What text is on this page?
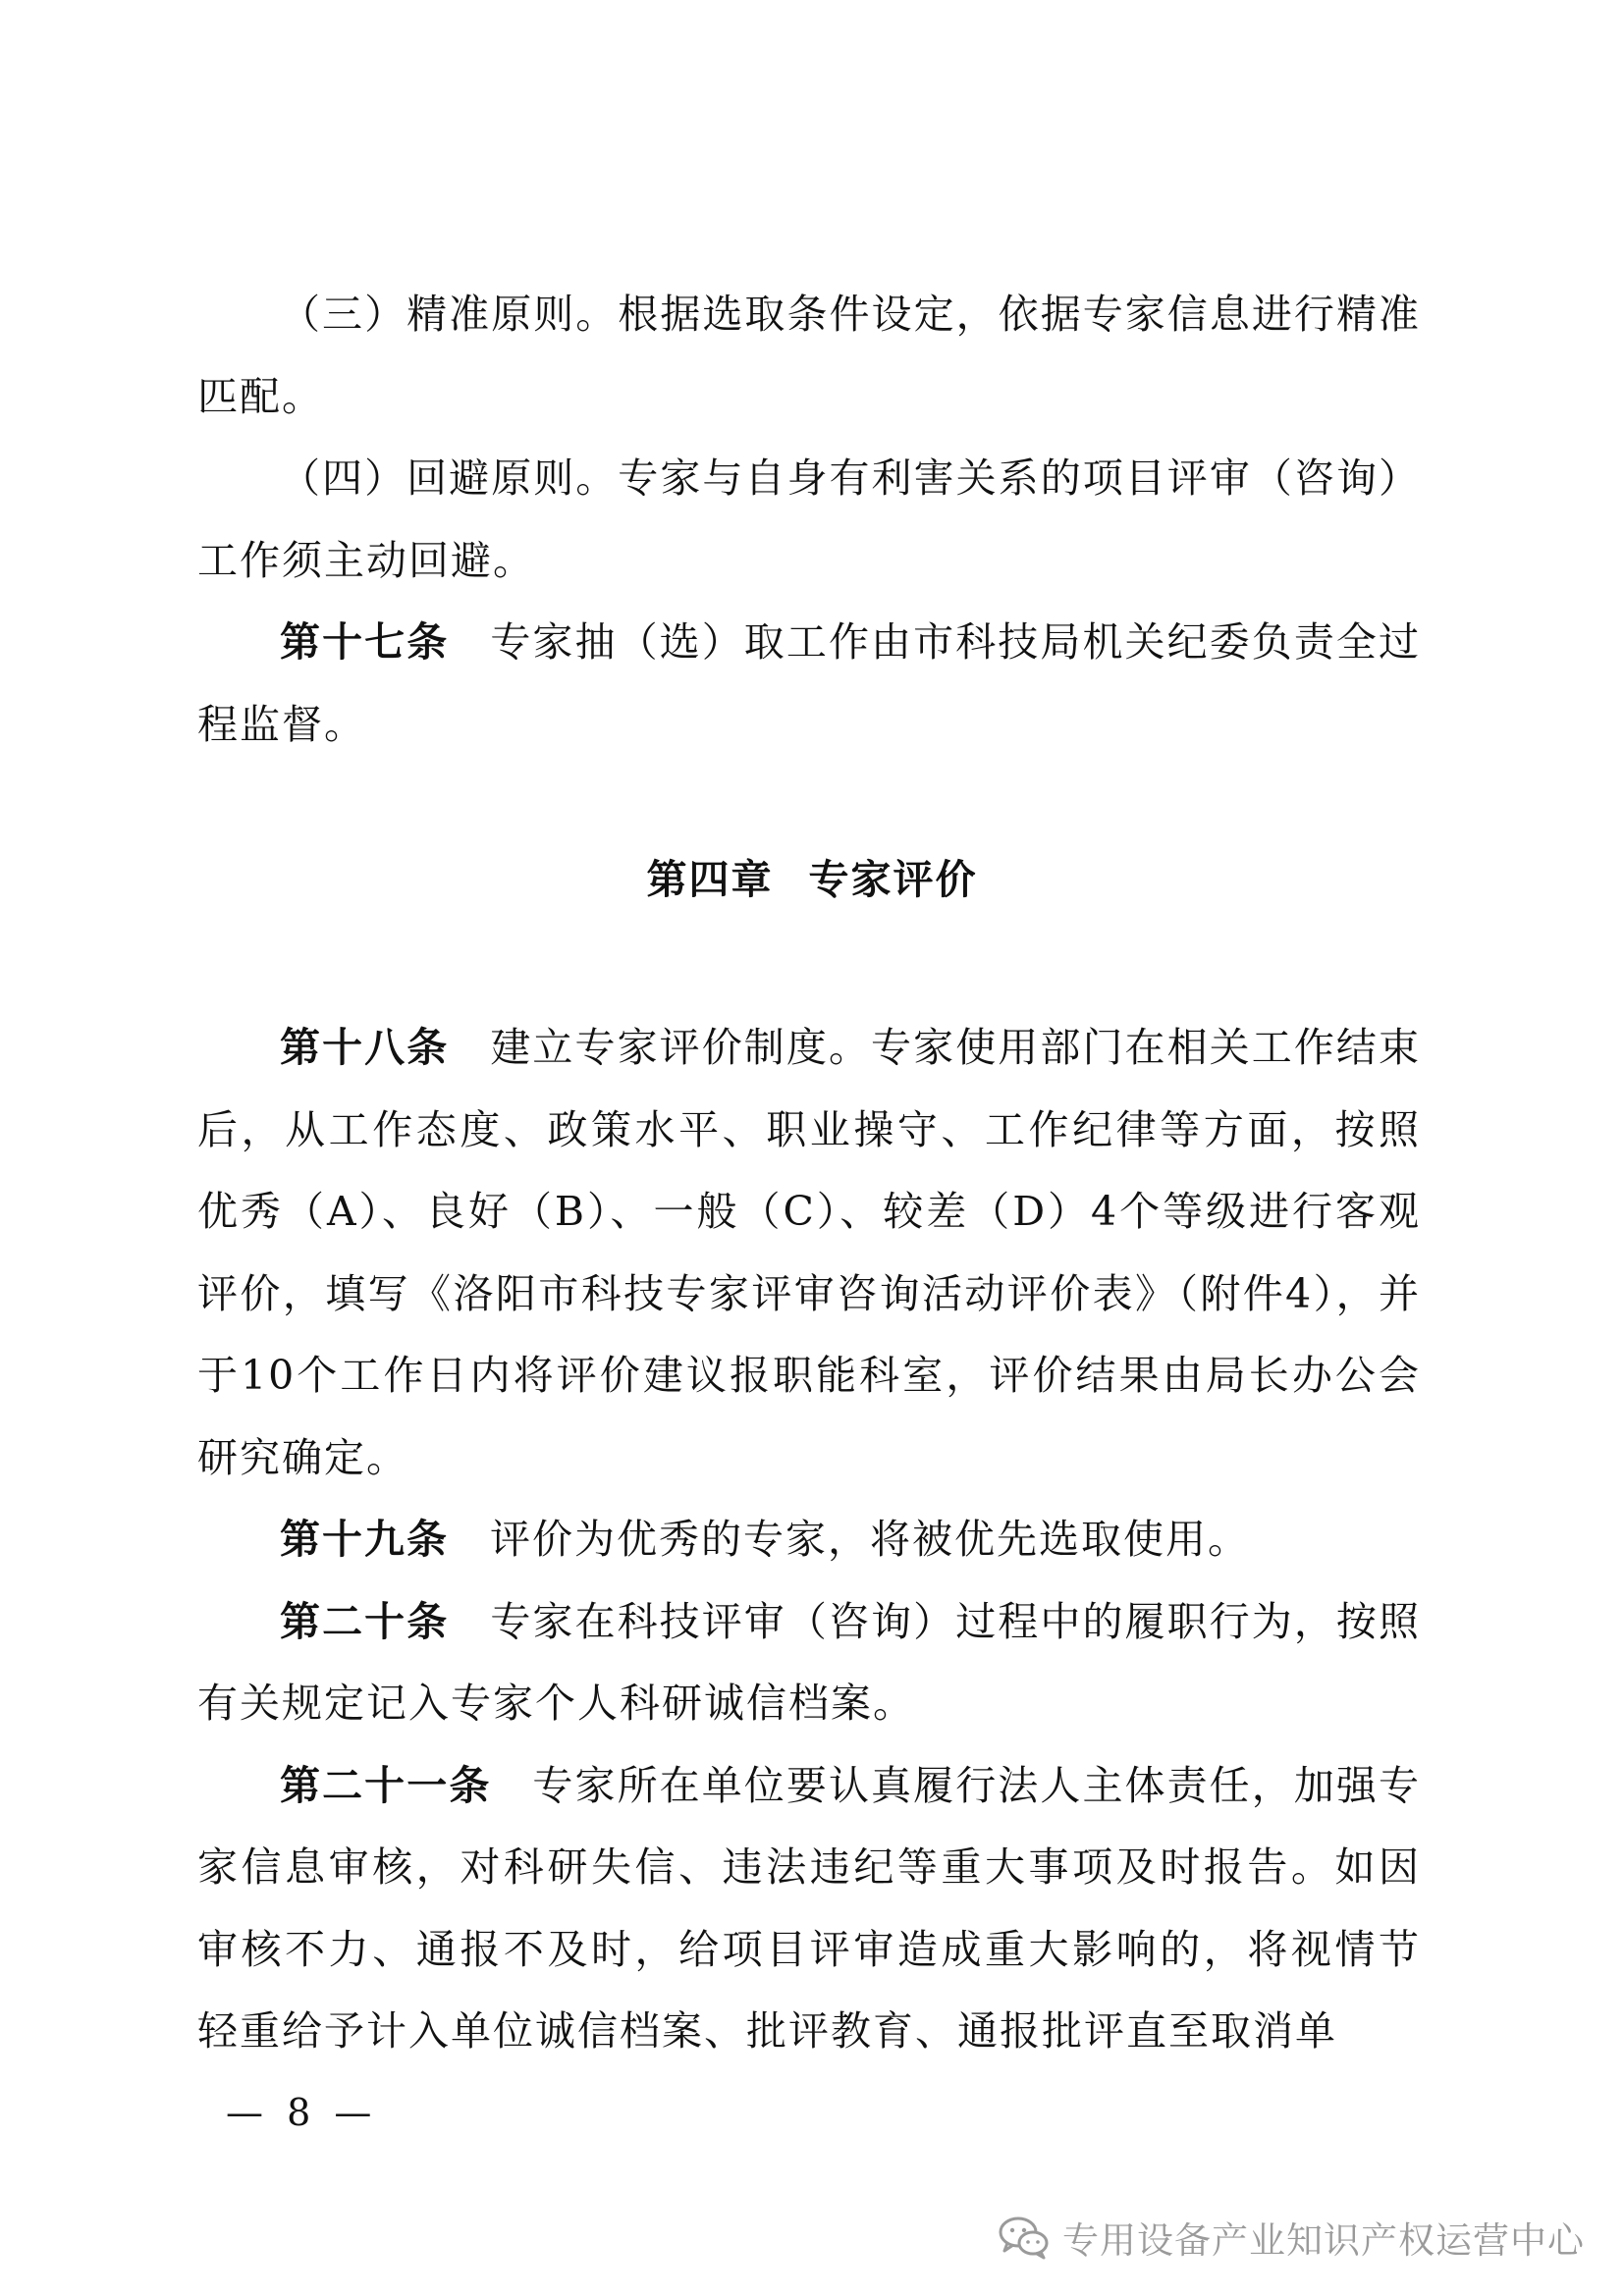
（三）精准原则。根据选取条件设定，依据专家信息进行精准匹配。

（四）回避原则。专家与自身有利害关系的项目评审（咨询）工作须主动回避。

第十七条 专家抽（选）取工作由市科技局机关纪委负责全过程监督。

第四章 专家评价

第十八条 建立专家评价制度。专家使用部门在相关工作结束后，从工作态度、政策水平、职业操守、工作纪律等方面，按照优秀（A）、良好（B）、一般（C）、较差（D）4个等级进行客观评价，填写《洛阳市科技专家评审咨询活动评价表》（附件4），并于10个工作日内将评价建议报职能科室，评价结果由局长办公会研究确定。

第十九条 评价为优秀的专家，将被优先选取使用。

第二十条 专家在科技评审（咨询）过程中的履职行为，按照有关规定记入专家个人科研诚信档案。

第二十一条 专家所在单位要认真履行法人主体责任，加强专家信息审核，对科研失信、违法违纪等重大事项及时报告。如因审核不力、通报不及时，给项目评审造成重大影响的，将视情节轻重给予计入单位诚信档案、批评教育、通报批评直至取消单

— 8 —
专用设备产业知识产权运营中心
